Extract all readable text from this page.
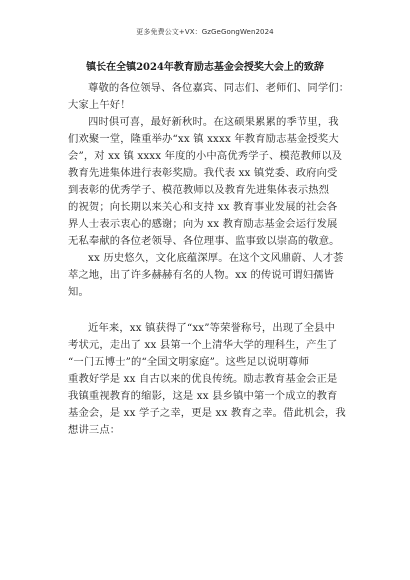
更多免费公文+VX：GzGeGongWen2024
镇长在全镇2024年教育励志基金会授奖大会上的致辞
尊敬的各位领导、各位嘉宾、同志们、老师们、同学们：
大家上午好！
四时俱可喜，最好新秋时。在这硕果累累的季节里，我
们欢聚一堂，隆重举办“xx 镇 xxxx 年教育励志基金授奖大
会”，对 xx 镇 xxxx 年度的小中高优秀学子、模范教师以及
教育先进集体进行表彰奖励。我代表 xx 镇党委、政府向受
到表彰的优秀学子、模范教师以及教育先进集体表示热烈
的祝贺；向长期以来关心和支持 xx 教育事业发展的社会各
界人士表示衷心的感谢；向为 xx 教育励志基金会运行发展
无私奉献的各位老领导、各位理事、监事致以崇高的敬意。
xx 历史悠久，文化底蕴深厚。在这个文风鼎蔚、人才荟
萃之地，出了许多赫赫有名的人物。xx 的传说可谓妇孺皆
知。
近年来，xx 镇获得了“xx”等荣誉称号，出现了全县中
考状元，走出了 xx 县第一个上清华大学的理科生，产生了
“一门五博士”的“全国文明家庭”。这些足以说明尊师
重教好学是 xx 自古以来的优良传统。励志教育基金会正是
我镇重视教育的缩影，这是 xx 县乡镇中第一个成立的教育
基金会，是 xx 学子之幸，更是 xx 教育之幸。借此机会，我
想讲三点：
